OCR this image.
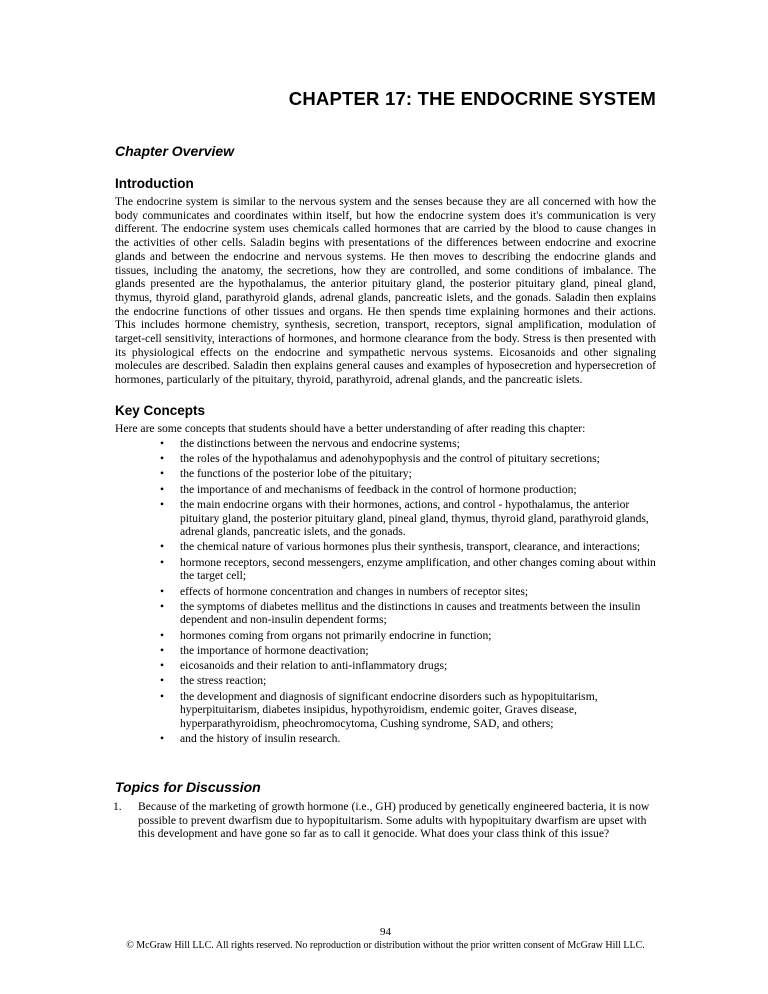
CHAPTER 17: THE ENDOCRINE SYSTEM
Chapter Overview
Introduction

The endocrine system is similar to the nervous system and the senses because they are all concerned with how the body communicates and coordinates within itself, but how the endocrine system does it's communication is very different. The endocrine system uses chemicals called hormones that are carried by the blood to cause changes in the activities of other cells. Saladin begins with presentations of the differences between endocrine and exocrine glands and between the endocrine and nervous systems. He then moves to describing the endocrine glands and tissues, including the anatomy, the secretions, how they are controlled, and some conditions of imbalance. The glands presented are the hypothalamus, the anterior pituitary gland, the posterior pituitary gland, pineal gland, thymus, thyroid gland, parathyroid glands, adrenal glands, pancreatic islets, and the gonads. Saladin then explains the endocrine functions of other tissues and organs. He then spends time explaining hormones and their actions. This includes hormone chemistry, synthesis, secretion, transport, receptors, signal amplification, modulation of target-cell sensitivity, interactions of hormones, and hormone clearance from the body. Stress is then presented with its physiological effects on the endocrine and sympathetic nervous systems. Eicosanoids and other signaling molecules are described. Saladin then explains general causes and examples of hyposecretion and hypersecretion of hormones, particularly of the pituitary, thyroid, parathyroid, adrenal glands, and the pancreatic islets.

Key Concepts

Here are some concepts that students should have a better understanding of after reading this chapter:

• the distinctions between the nervous and endocrine systems;
• the roles of the hypothalamus and adenohypophysis and the control of pituitary secretions;
• the functions of the posterior lobe of the pituitary;
• the importance of and mechanisms of feedback in the control of hormone production;
• the main endocrine organs with their hormones, actions, and control - hypothalamus, the anterior pituitary gland, the posterior pituitary gland, pineal gland, thymus, thyroid gland, parathyroid glands, adrenal glands, pancreatic islets, and the gonads.
• the chemical nature of various hormones plus their synthesis, transport, clearance, and interactions;
• hormone receptors, second messengers, enzyme amplification, and other changes coming about within the target cell;
• effects of hormone concentration and changes in numbers of receptor sites;
• the symptoms of diabetes mellitus and the distinctions in causes and treatments between the insulin dependent and non-insulin dependent forms;
• hormones coming from organs not primarily endocrine in function;
• the importance of hormone deactivation;
• eicosanoids and their relation to anti-inflammatory drugs;
• the stress reaction;
• the development and diagnosis of significant endocrine disorders such as hypopituitarism, hyperpituitarism, diabetes insipidus, hypothyroidism, endemic goiter, Graves disease, hyperparathyroidism, pheochromocytoma, Cushing syndrome, SAD, and others;
• and the history of insulin research.
Topics for Discussion
1. Because of the marketing of growth hormone (i.e., GH) produced by genetically engineered bacteria, it is now possible to prevent dwarfism due to hypopituitarism. Some adults with hypopituitary dwarfism are upset with this development and have gone so far as to call it genocide. What does your class think of this issue?
94
© McGraw Hill LLC. All rights reserved. No reproduction or distribution without the prior written consent of McGraw Hill LLC.
